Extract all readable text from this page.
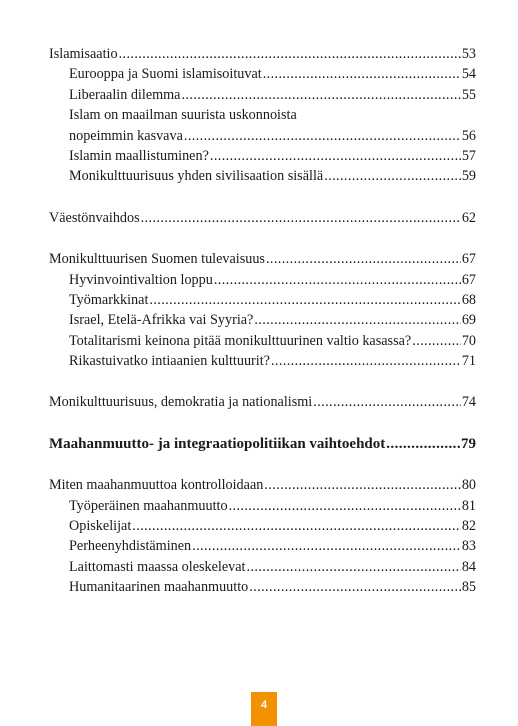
Islamisaatio .....	53
Eurooppa ja Suomi islamisoituvat .....	54
Liberaalin dilemma .....	55
Islam on maailman suurista uskonnoista
nopeimmin kasvava .....	56
Islamin maallistuminen? .....	57
Monikulttuurisuus yhden sivilisaation sisällä .....	59
Väestönvaihdos .....	62
Monikulttuurisen Suomen tulevaisuus .....	67
Hyvinvointivaltion loppu .....	67
Työmarkkinat .....	68
Israel, Etelä-Afrikka vai Syyria? .....	69
Totalitarismi keinona pitää monikulttuurinen valtio kasassa? .....	70
Rikastuivatko intiaanien kulttuurit? .....	71
Monikulttuurisuus, demokratia ja nationalismi .....	74
Maahanmuutto- ja integraatiopolitiikan vaihtoehdot .....	79
Miten maahanmuuttoa kontrolloidaan .....	80
Työperäinen maahanmuutto .....	81
Opiskelijat .....	82
Perheenyhdistäminen .....	83
Laittomasti maassa oleskelevat .....	84
Humanitaarinen maahanmuutto .....	85
4
